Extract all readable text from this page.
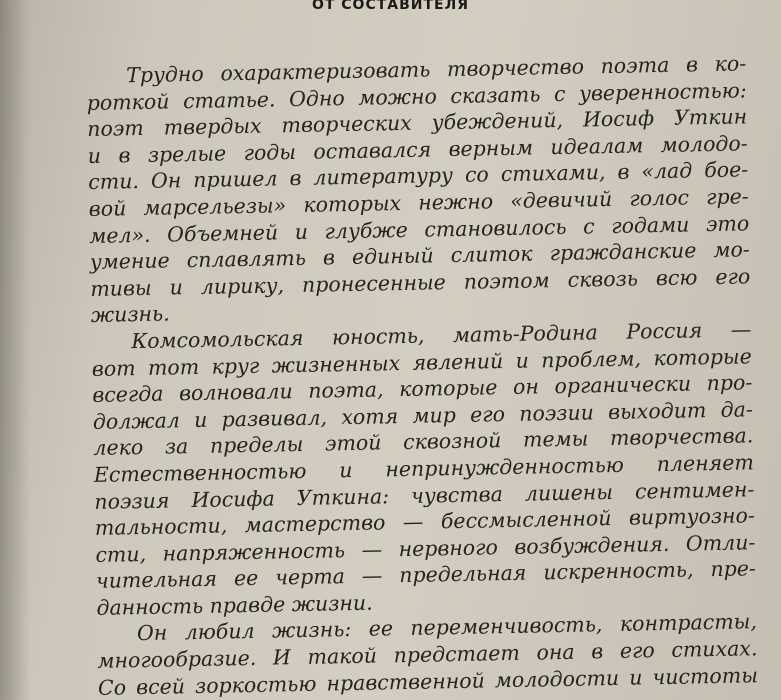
ОТ СОСТАВИТЕЛЯ
Трудно охарактеризовать творчество поэта в ко-
роткой статье. Одно можно сказать с уверенностью:
поэт твердых творческих убеждений, Иосиф Уткин
и в зрелые годы оставался верным идеалам молодо-
сти. Он пришел в литературу со стихами, в «лад бое-
вой марсельезы» которых нежно «девичий голос гре-
мел». Объемней и глубже становилось с годами это
умение сплавлять в единый слиток гражданские мо-
тивы и лирику, пронесенные поэтом сквозь всю его
жизнь.
Комсомольская юность, мать-Родина Россия —
вот тот круг жизненных явлений и проблем, которые
всегда волновали поэта, которые он органически про-
должал и развивал, хотя мир его поэзии выходит да-
леко за пределы этой сквозной темы творчества.
Естественностью и непринужденностью пленяет
поэзия Иосифа Уткина: чувства лишены сентимен-
тальности, мастерство — бессмысленной виртуозно-
сти, напряженность — нервного возбуждения. Отли-
чительная ее черта — предельная искренность, пре-
данность правде жизни.
Он любил жизнь: ее переменчивость, контрасты,
многообразие. И такой предстает она в его стихах.
Со всей зоркостью нравственной молодости и чистоты
